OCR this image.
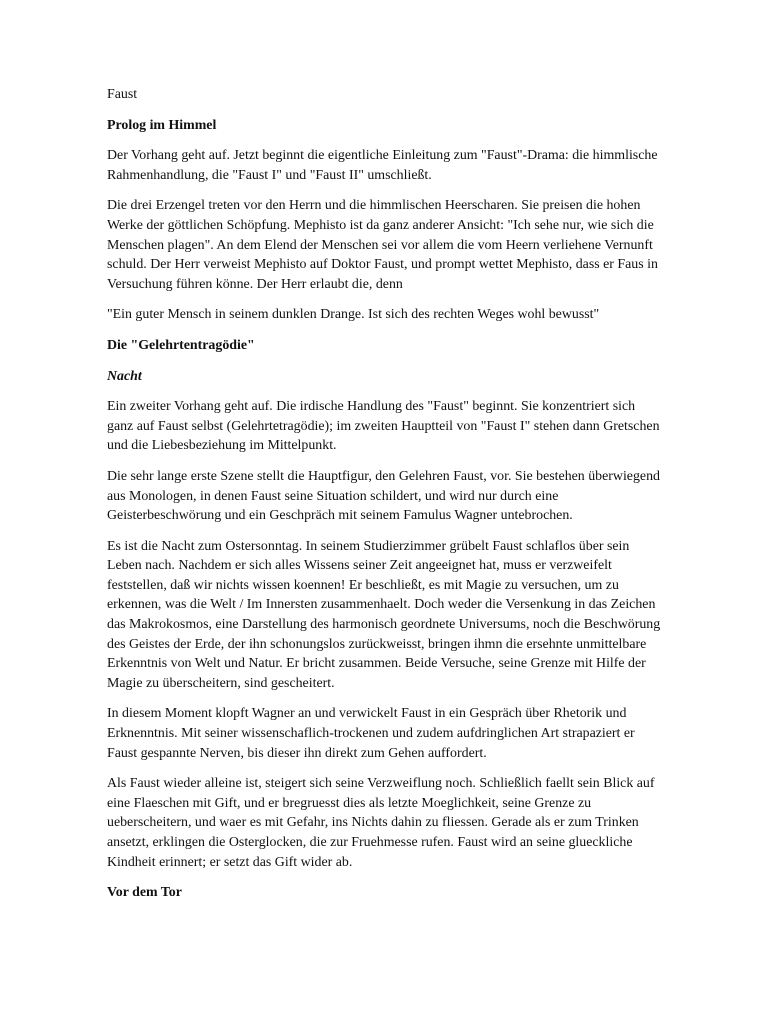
Faust

Prolog im Himmel

Der Vorhang geht auf. Jetzt beginnt die eigentliche Einleitung zum "Faust"-Drama: die himmlische Rahmenhandlung, die "Faust I" und "Faust II" umschließt.

Die drei Erzengel treten vor den Herrn und die himmlischen Heerscharen. Sie preisen die hohen Werke der göttlichen Schöpfung. Mephisto ist da ganz anderer Ansicht: "Ich sehe nur, wie sich die Menschen plagen". An dem Elend der Menschen sei vor allem die vom Heern verliehene Vernunft schuld. Der Herr verweist Mephisto auf Doktor Faust, und prompt wettet Mephisto, dass er Faus in Versuchung führen könne. Der Herr erlaubt die, denn

"Ein guter Mensch in seinem dunklen Drange. Ist sich des rechten Weges wohl bewusst"

Die "Gelehrtentragödie"

Nacht

Ein zweiter Vorhang geht auf. Die irdische Handlung des "Faust" beginnt. Sie konzentriert sich ganz auf Faust selbst (Gelehrtetragödie); im zweiten Hauptteil von "Faust I" stehen dann Gretschen und die Liebesbeziehung im Mittelpunkt.

Die sehr lange erste Szene stellt die Hauptfigur, den Gelehren Faust, vor. Sie bestehen überwiegend aus Monologen, in denen Faust seine Situation schildert, und wird nur durch eine Geisterbeschwörung und ein Geschpräch mit seinem Famulus Wagner untebrochen.

Es ist die Nacht zum Ostersonntag. In seinem Studierzimmer grübelt Faust schlaflos über sein Leben nach. Nachdem er sich alles Wissens seiner Zeit angeeignet hat, muss er verzweifelt feststellen, daß wir nichts wissen koennen! Er beschließt, es mit Magie zu versuchen, um zu erkennen, was die Welt / Im Innersten zusammenhaelt. Doch weder die Versenkung in das Zeichen das Makrokosmos, eine Darstellung des harmonisch geordnete Universums, noch die Beschwörung des Geistes der Erde, der ihn schonungslos zurückweisst, bringen ihmn die ersehnte unmittelbare Erkenntnis von Welt und Natur. Er bricht zusammen. Beide Versuche, seine Grenze mit Hilfe der Magie zu überscheitern, sind gescheitert.

In diesem Moment klopft Wagner an und verwickelt Faust in ein Gespräch über Rhetorik und Erknenntnis. Mit seiner wissenschaflich-trockenen und zudem aufdringlichen Art strapaziert er Faust gespannte Nerven, bis dieser ihn direkt zum Gehen auffordert.

Als Faust wieder alleine ist, steigert sich seine Verzweiflung noch. Schließlich faellt sein Blick auf eine Flaeschen mit Gift, und er bregruesst dies als letzte Moeglichkeit, seine Grenze zu ueberscheitern, und waer es mit Gefahr, ins Nichts dahin zu fliessen. Gerade als er zum Trinken ansetzt, erklingen die Osterglocken, die zur Fruehmesse rufen. Faust wird an seine glueckliche Kindheit erinnert; er setzt das Gift wider ab.

Vor dem Tor
